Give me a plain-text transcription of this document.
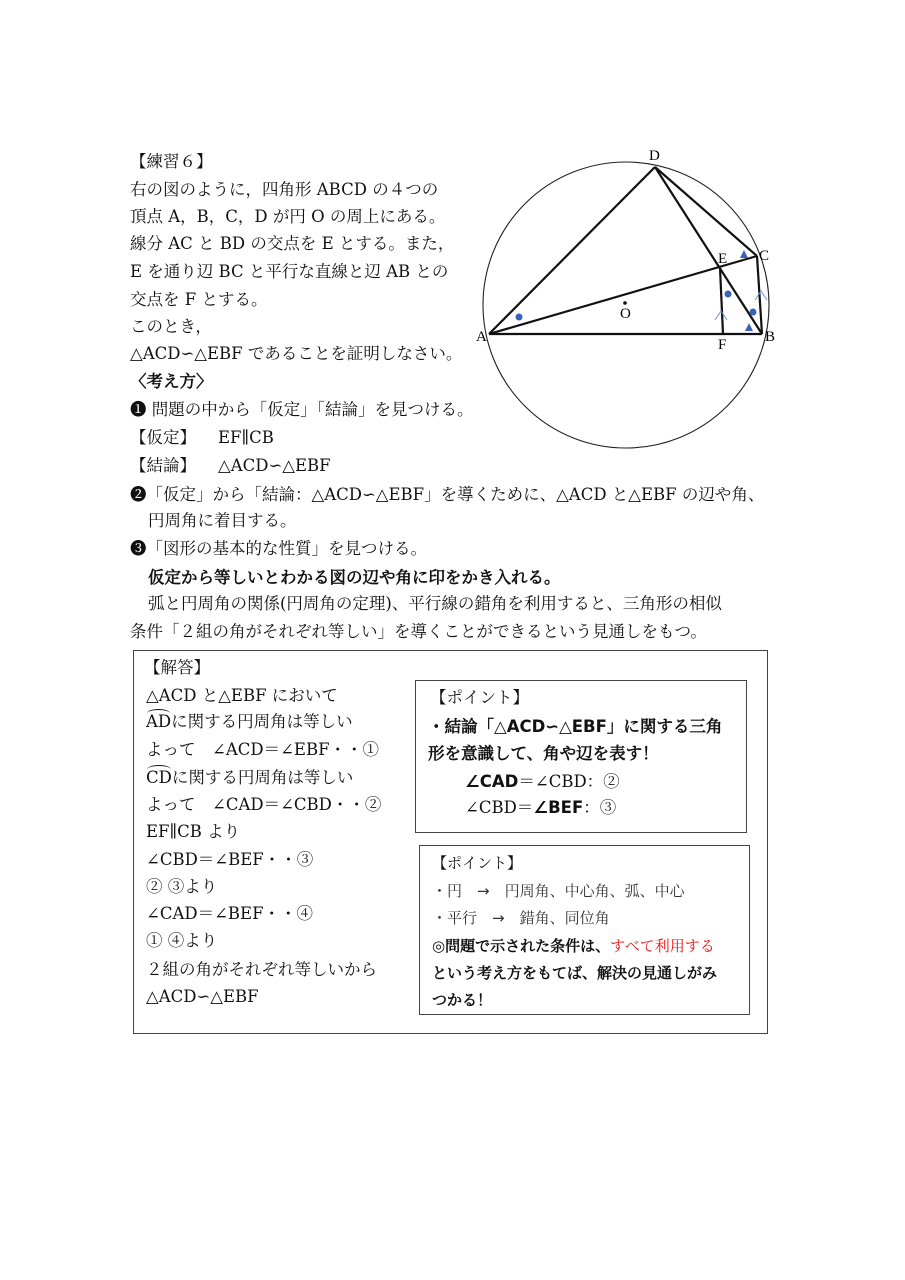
【練習６】
右の図のように，四角形 ABCD の４つの
頂点 A，B，C，D が円 O の周上にある。
線分 AC と BD の交点を E とする。また，
E を通り辺 BC と平行な直線と辺 AB との
交点を F とする。
このとき，
△ACD∽△EBF であることを証明しなさい。
〈考え方〉
D
A	B
C
E
F
O
❶ 問題の中から「仮定」「結論」を見つける。
【仮定】 EF∥CB
【結論】 △ACD∽△EBF
❷「仮定」から「結論：△ACD∽△EBF」を導くために、△ACD と△EBF の辺や角、
円周角に着目する。
❸「図形の基本的な性質」を見つける。
仮定から等しいとわかる図の辺や角に印をかき入れる。
弧と円周角の関係(円周角の定理)、平行線の錯角を利用すると、三角形の相似
条件「２組の角がそれぞれ等しい」を導くことができるという見通しをもつ。
【解答】
△ACD と△EBF において
ADに関する円周角は等しい
よって　∠ACD＝∠EBF・・①
CDに関する円周角は等しい
よって　∠CAD＝∠CBD・・②
EF∥CB より
∠CBD＝∠BEF・・③
② ③より
∠CAD＝∠BEF・・④
① ④より
２組の角がそれぞれ等しいから
△ACD∽△EBF
【ポイント】
・結論「△ACD∽△EBF」に関する三角
形を意識して、角や辺を表す！
∠CAD＝∠CBD：②
∠CBD＝∠BEF：③
【ポイント】
・円　→　円周角、中心角、弧、中心
・平行　→　錯角、同位角
◎問題で示された条件は、すべて利用する
という考え方をもてば、解決の見通しがみ
つかる！
